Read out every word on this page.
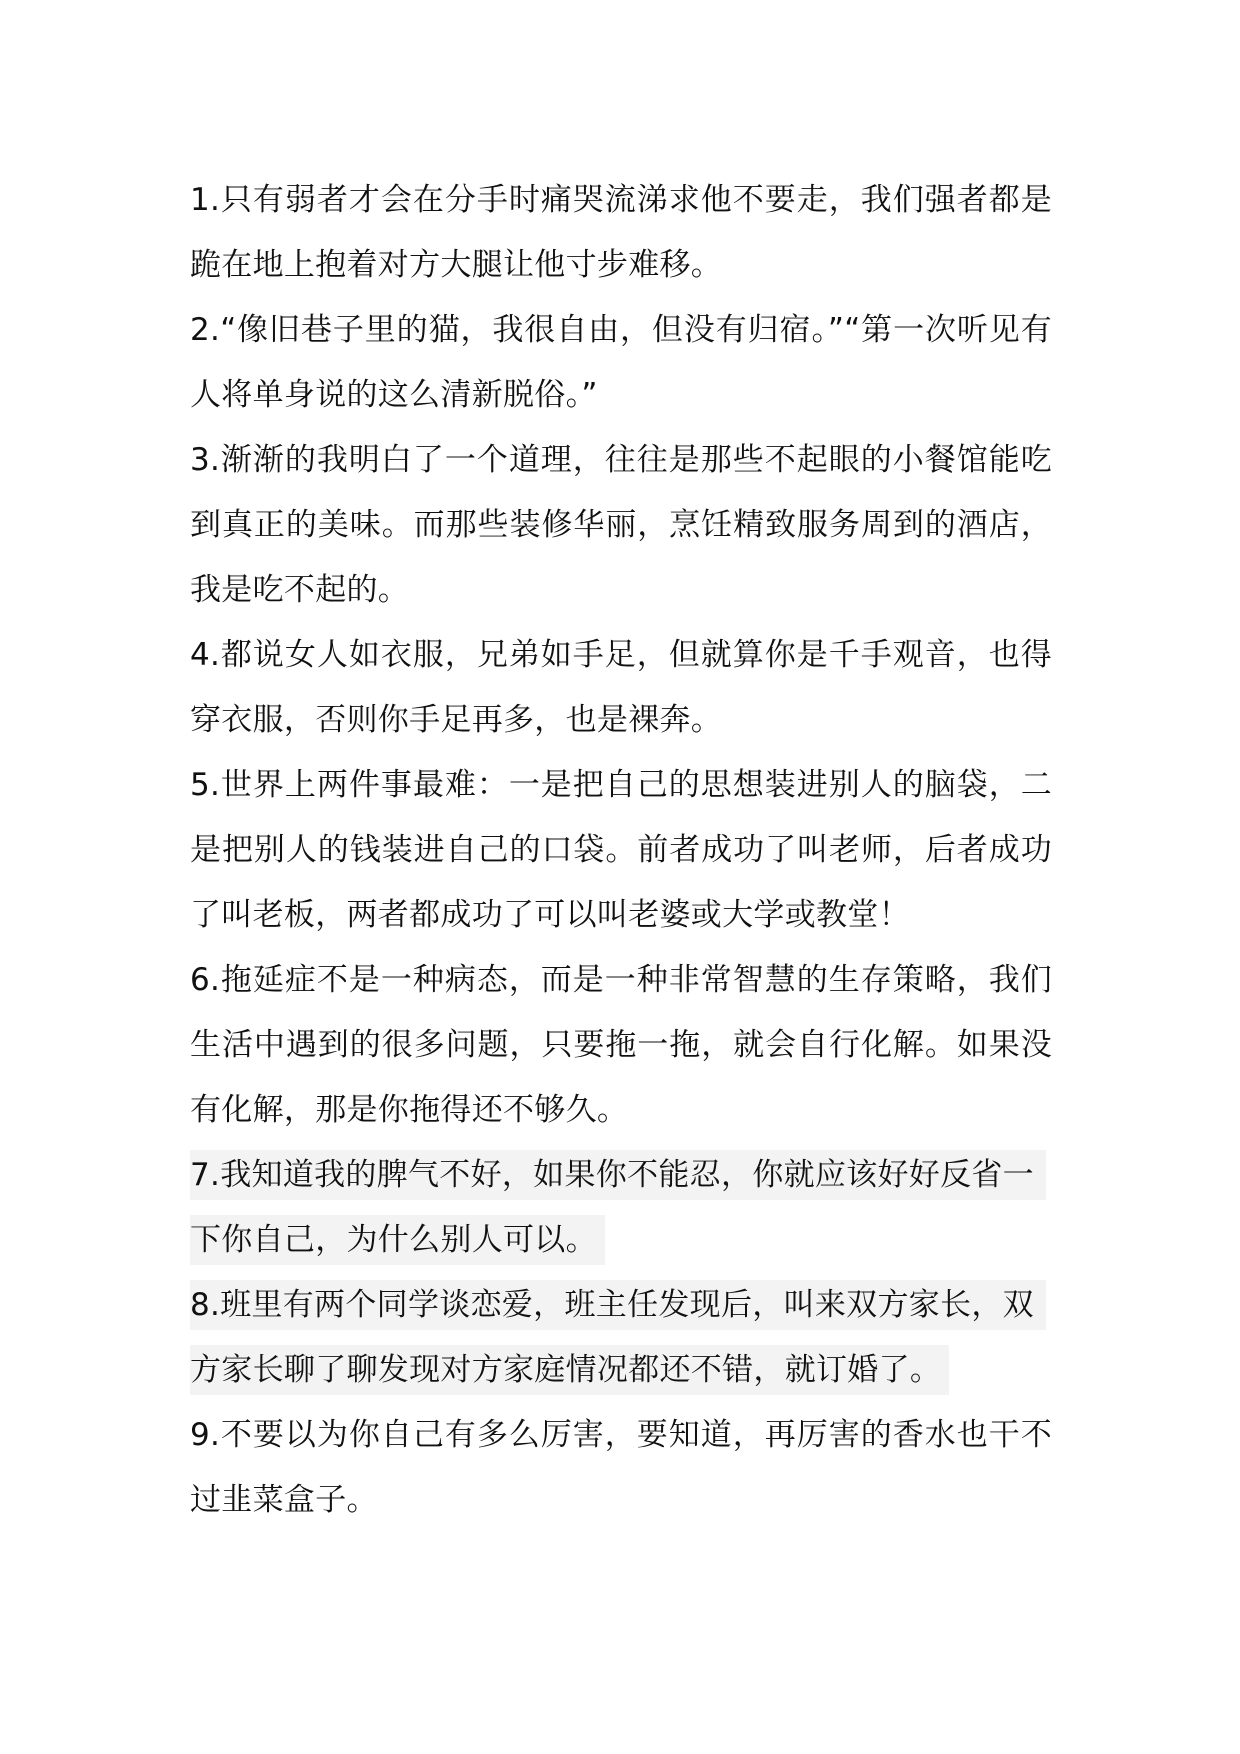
1.只有弱者才会在分手时痛哭流涕求他不要走，我们强者都是跪在地上抱着对方大腿让他寸步难移。

2.“像旧巷子里的猫，我很自由，但没有归宿。”“第一次听见有人将单身说的这么清新脱俗。”

3.渐渐的我明白了一个道理，往往是那些不起眼的小餐馆能吃到真正的美味。而那些装修华丽，烹饪精致服务周到的酒店，我是吃不起的。

4.都说女人如衣服，兄弟如手足，但就算你是千手观音，也得穿衣服，否则你手足再多，也是裸奔。

5.世界上两件事最难：一是把自己的思想装进别人的脑袋，二是把别人的钱装进自己的口袋。前者成功了叫老师，后者成功了叫老板，两者都成功了可以叫老婆或大学或教堂！

6.拖延症不是一种病态，而是一种非常智慧的生存策略，我们生活中遇到的很多问题，只要拖一拖，就会自行化解。如果没有化解，那是你拖得还不够久。

7.我知道我的脾气不好，如果你不能忍，你就应该好好反省一
下你自己，为什么别人可以。
8.班里有两个同学谈恋爱，班主任发现后，叫来双方家长，双
方家长聊了聊发现对方家庭情况都还不错，就订婚了。

9.不要以为你自己有多么厉害，要知道，再厉害的香水也干不过韭菜盒子。
